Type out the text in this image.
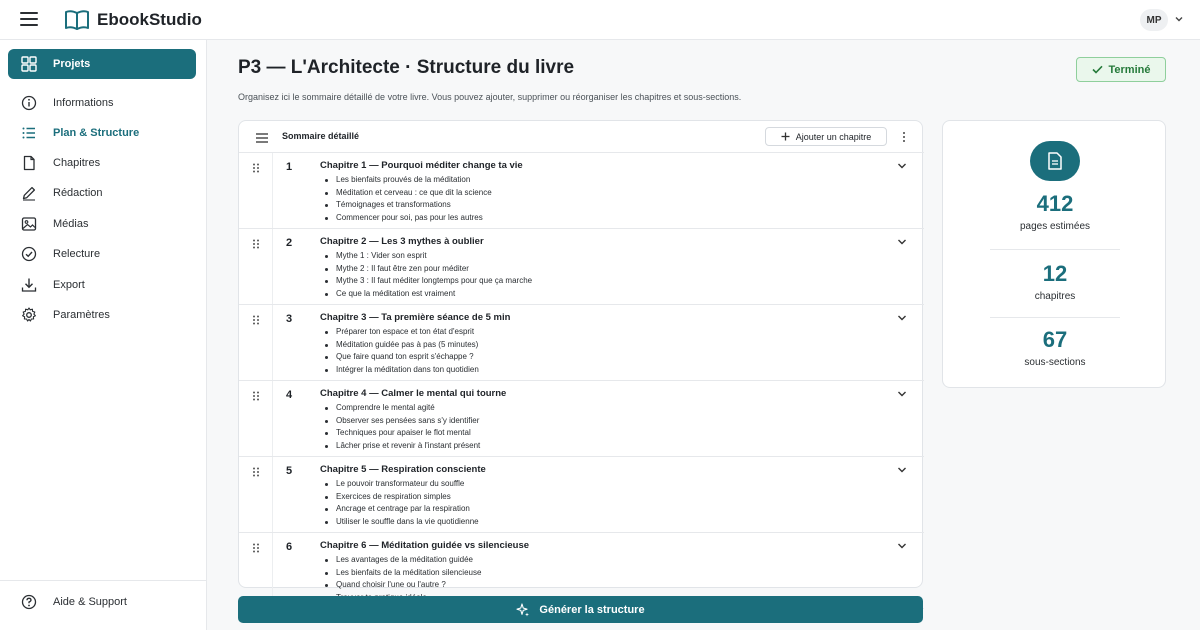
EbookStudio	MP
Projets
Informations
Plan & Structure
Chapitres
Rédaction
Médias
Relecture
Export
Paramètres
Aide & Support
P3 — L'Architecte · Structure du livre
Organisez ici le sommaire détaillé de votre livre. Vous pouvez ajouter, supprimer ou réorganiser les chapitres et sous-sections.
Terminé
Sommaire détaillé	Ajouter un chapitre
1	Chapitre 1 — Pourquoi méditer change ta vie
Les bienfaits prouvés de la méditation
Méditation et cerveau : ce que dit la science
Témoignages et transformations
Commencer pour soi, pas pour les autres
2	Chapitre 2 — Les 3 mythes à oublier
Mythe 1 : Vider son esprit
Mythe 2 : Il faut être zen pour méditer
Mythe 3 : Il faut méditer longtemps pour que ça marche
Ce que la méditation est vraiment
3	Chapitre 3 — Ta première séance de 5 min
Préparer ton espace et ton état d'esprit
Méditation guidée pas à pas (5 minutes)
Que faire quand ton esprit s'échappe ?
Intégrer la méditation dans ton quotidien
4	Chapitre 4 — Calmer le mental qui tourne
Comprendre le mental agité
Observer ses pensées sans s'y identifier
Techniques pour apaiser le flot mental
Lâcher prise et revenir à l'instant présent
5	Chapitre 5 — Respiration consciente
Le pouvoir transformateur du souffle
Exercices de respiration simples
Ancrage et centrage par la respiration
Utiliser le souffle dans la vie quotidienne
6	Chapitre 6 — Méditation guidée vs silencieuse
Les avantages de la méditation guidée
Les bienfaits de la méditation silencieuse
Quand choisir l'une ou l'autre ?
Générer la structure
412
pages estimées
12
chapitres
67
sous-sections
